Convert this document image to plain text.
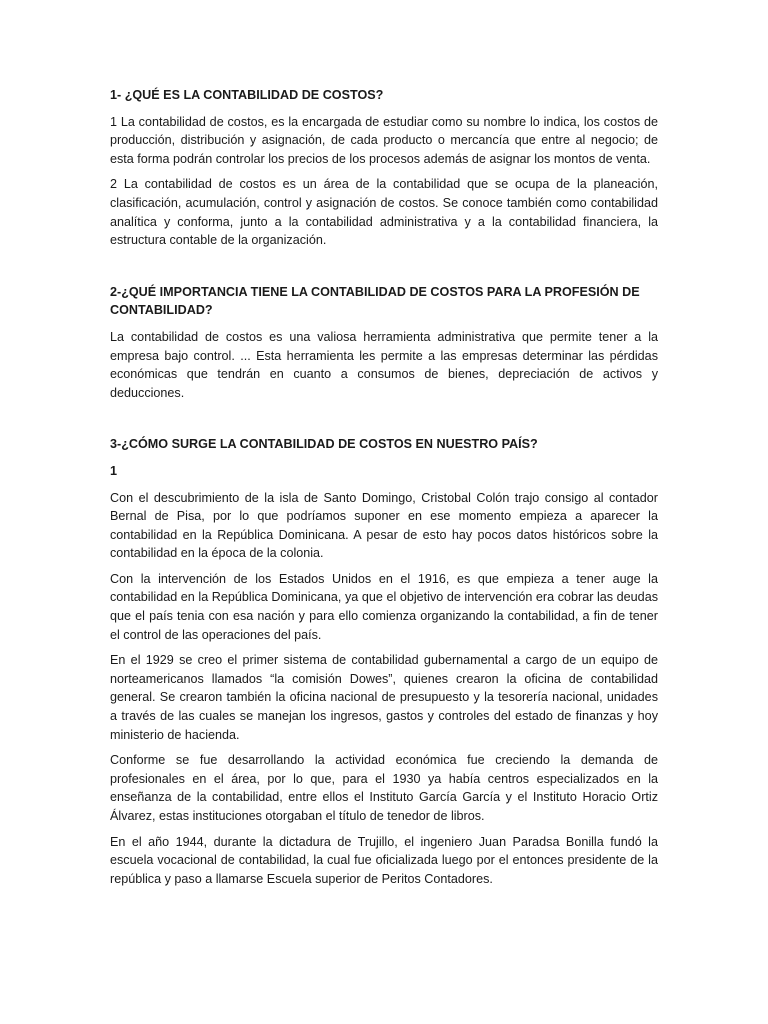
1- ¿QUÉ ES LA CONTABILIDAD DE COSTOS?

1 La contabilidad de costos, es la encargada de estudiar como su nombre lo indica, los costos de producción, distribución y asignación, de cada producto o mercancía que entre al negocio; de esta forma podrán controlar los precios de los procesos además de asignar los montos de venta.

2 La contabilidad de costos es un área de la contabilidad que se ocupa de la planeación, clasificación, acumulación, control y asignación de costos. Se conoce también como contabilidad analítica y conforma, junto a la contabilidad administrativa y a la contabilidad financiera, la estructura contable de la organización.

2-¿QUÉ IMPORTANCIA TIENE LA CONTABILIDAD DE COSTOS PARA LA PROFESIÓN DE CONTABILIDAD?

La contabilidad de costos es una valiosa herramienta administrativa que permite tener a la empresa bajo control. ... Esta herramienta les permite a las empresas determinar las pérdidas económicas que tendrán en cuanto a consumos de bienes, depreciación de activos y deducciones.

3-¿CÓMO SURGE LA CONTABILIDAD DE COSTOS EN NUESTRO PAÍS?

1

Con el descubrimiento de la isla de Santo Domingo, Cristobal Colón trajo consigo al contador Bernal de Pisa, por lo que podríamos suponer en ese momento empieza a aparecer la contabilidad en la República Dominicana. A pesar de esto hay pocos datos históricos sobre la contabilidad en la época de la colonia.

Con la intervención de los Estados Unidos en el 1916, es que empieza a tener auge la contabilidad en la República Dominicana, ya que el objetivo de intervención era cobrar las deudas que el país tenia con esa nación y para ello comienza organizando la contabilidad, a fin de tener el control de las operaciones del país.

En el 1929 se creo el primer sistema de contabilidad gubernamental a cargo de un equipo de norteamericanos llamados “la comisión Dowes”, quienes crearon la oficina de contabilidad general. Se crearon también la oficina nacional de presupuesto y la tesorería nacional, unidades a través de las cuales se manejan los ingresos, gastos y controles del estado de finanzas y hoy ministerio de hacienda.

Conforme se fue desarrollando la actividad económica fue creciendo la demanda de profesionales en el área, por lo que, para el 1930 ya había centros especializados en la enseñanza de la contabilidad, entre ellos el Instituto García García y el Instituto Horacio Ortiz Álvarez, estas instituciones otorgaban el título de tenedor de libros.

En el año 1944, durante la dictadura de Trujillo, el ingeniero Juan Paradsa Bonilla fundó la escuela vocacional de contabilidad, la cual fue oficializada luego por el entonces presidente de la república y paso a llamarse Escuela superior de Peritos Contadores.
